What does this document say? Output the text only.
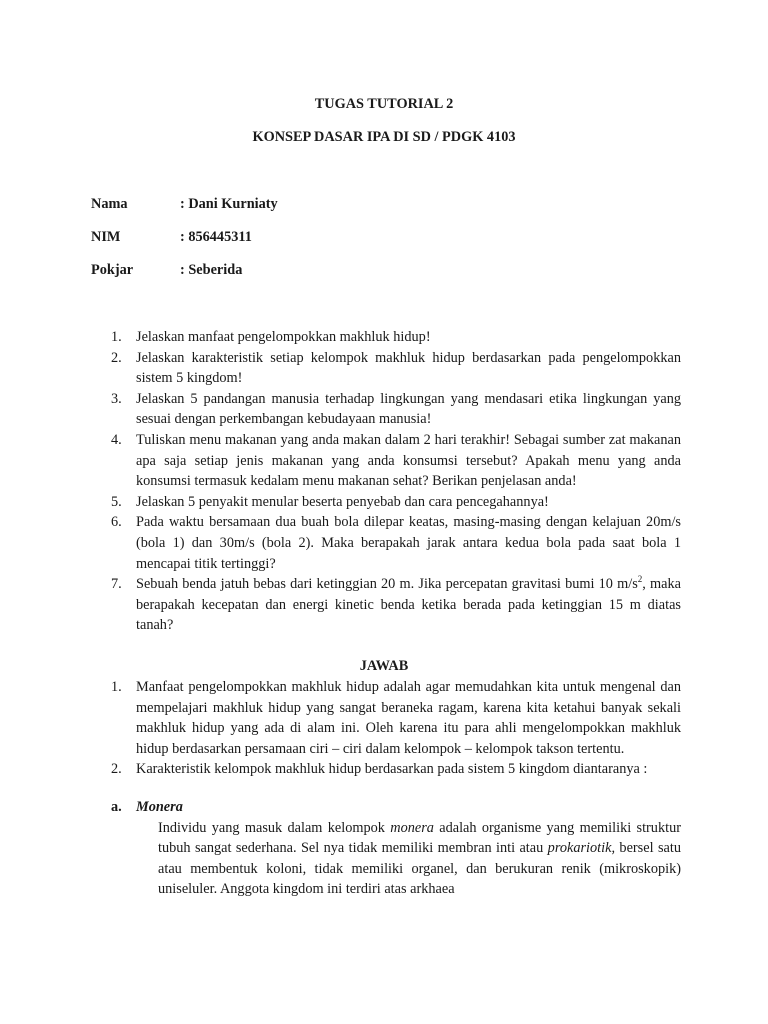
TUGAS TUTORIAL 2
KONSEP DASAR IPA DI SD / PDGK 4103
Nama	: Dani Kurniaty
NIM	: 856445311
Pokjar	: Seberida
1. Jelaskan manfaat pengelompokkan makhluk hidup!
2. Jelaskan karakteristik setiap kelompok makhluk hidup berdasarkan pada pengelompokkan sistem 5 kingdom!
3. Jelaskan 5 pandangan manusia terhadap lingkungan yang mendasari etika lingkungan yang sesuai dengan perkembangan kebudayaan manusia!
4. Tuliskan menu makanan yang anda makan dalam 2 hari terakhir! Sebagai sumber zat makanan apa saja setiap jenis makanan yang anda konsumsi tersebut? Apakah menu yang anda konsumsi termasuk kedalam menu makanan sehat? Berikan penjelasan anda!
5. Jelaskan 5 penyakit menular beserta penyebab dan cara pencegahannya!
6. Pada waktu bersamaan dua buah bola dilepar keatas, masing-masing dengan kelajuan 20m/s (bola 1) dan 30m/s (bola 2). Maka berapakah jarak antara kedua bola pada saat bola 1 mencapai titik tertinggi?
7. Sebuah benda jatuh bebas dari ketinggian 20 m. Jika percepatan gravitasi bumi 10 $m/s^2$, maka berapakah kecepatan dan energi kinetic benda ketika berada pada ketinggian 15 m diatas tanah?
JAWAB
1. Manfaat pengelompokkan makhluk hidup adalah agar memudahkan kita untuk mengenal dan mempelajari makhluk hidup yang sangat beraneka ragam, karena kita ketahui banyak sekali makhluk hidup yang ada di alam ini. Oleh karena itu para ahli mengelompokkan makhluk hidup berdasarkan persamaan ciri – ciri dalam kelompok – kelompok takson tertentu.
2. Karakteristik kelompok makhluk hidup berdasarkan pada sistem 5 kingdom diantaranya :
a. Monera
Individu yang masuk dalam kelompok monera adalah organisme yang memiliki struktur tubuh sangat sederhana. Sel nya tidak memiliki membran inti atau prokariotik, bersel satu atau membentuk koloni, tidak memiliki organel, dan berukuran renik (mikroskopik) uniseluler. Anggota kingdom ini terdiri atas arkhaea
